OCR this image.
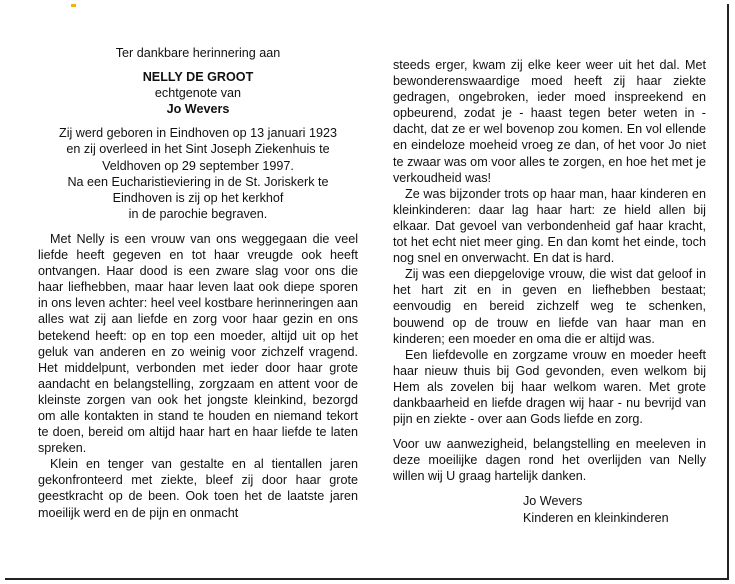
Ter dankbare herinnering aan

NELLY DE GROOT

echtgenote van

Jo Wevers

Zij werd geboren in Eindhoven op 13 januari 1923

en zij overleed in het Sint Joseph Ziekenhuis te

Veldhoven op 29 september 1997.

Na een Eucharistieviering in de St. Joriskerk te

Eindhoven is zij op het kerkhof

in de parochie begraven.

Met Nelly is een vrouw van ons weggegaan die veel liefde heeft gegeven en tot haar vreugde ook heeft ontvangen. Haar dood is een zware slag voor ons die haar liefhebben, maar haar leven laat ook diepe sporen in ons leven achter: heel veel kostbare herinneringen aan alles wat zij aan liefde en zorg voor haar gezin en ons betekend heeft: op en top een moeder, altijd uit op het geluk van anderen en zo weinig voor zichzelf vragend. Het middelpunt, verbonden met ieder door haar grote aandacht en belangstelling, zorgzaam en attent voor de kleinste zorgen van ook het jongste kleinkind, bezorgd om alle kontakten in stand te houden en niemand tekort te doen, bereid om altijd haar hart en haar liefde te laten spreken.

Klein en tenger van gestalte en al tientallen jaren gekonfronteerd met ziekte, bleef zij door haar grote geestkracht op de been. Ook toen het de laatste jaren moeilijk werd en de pijn en onmacht

steeds erger, kwam zij elke keer weer uit het dal. Met bewonderenswaardige moed heeft zij haar ziekte gedragen, ongebroken, ieder moed inspreekend en opbeurend, zodat je - haast tegen beter weten in - dacht, dat ze er wel bovenop zou komen. En vol ellende en eindeloze moeheid vroeg ze dan, of het voor Jo niet te zwaar was om voor alles te zorgen, en hoe het met je verkoudheid was!

Ze was bijzonder trots op haar man, haar kinderen en kleinkinderen: daar lag haar hart: ze hield allen bij elkaar. Dat gevoel van verbondenheid gaf haar kracht, tot het echt niet meer ging. En dan komt het einde, toch nog snel en onverwacht. En dat is hard.

Zij was een diepgelovige vrouw, die wist dat geloof in het hart zit en in geven en liefhebben bestaat; eenvoudig en bereid zichzelf weg te schenken, bouwend op de trouw en liefde van haar man en kinderen; een moeder en oma die er altijd was.

Een liefdevolle en zorgzame vrouw en moeder heeft haar nieuw thuis bij God gevonden, even welkom bij Hem als zovelen bij haar welkom waren. Met grote dankbaarheid en liefde dragen wij haar - nu bevrijd van pijn en ziekte - over aan Gods liefde en zorg.

Voor uw aanwezigheid, belangstelling en meeleven in deze moeilijke dagen rond het overlijden van Nelly willen wij U graag hartelijk danken.

Jo Wevers
Kinderen en kleinkinderen
